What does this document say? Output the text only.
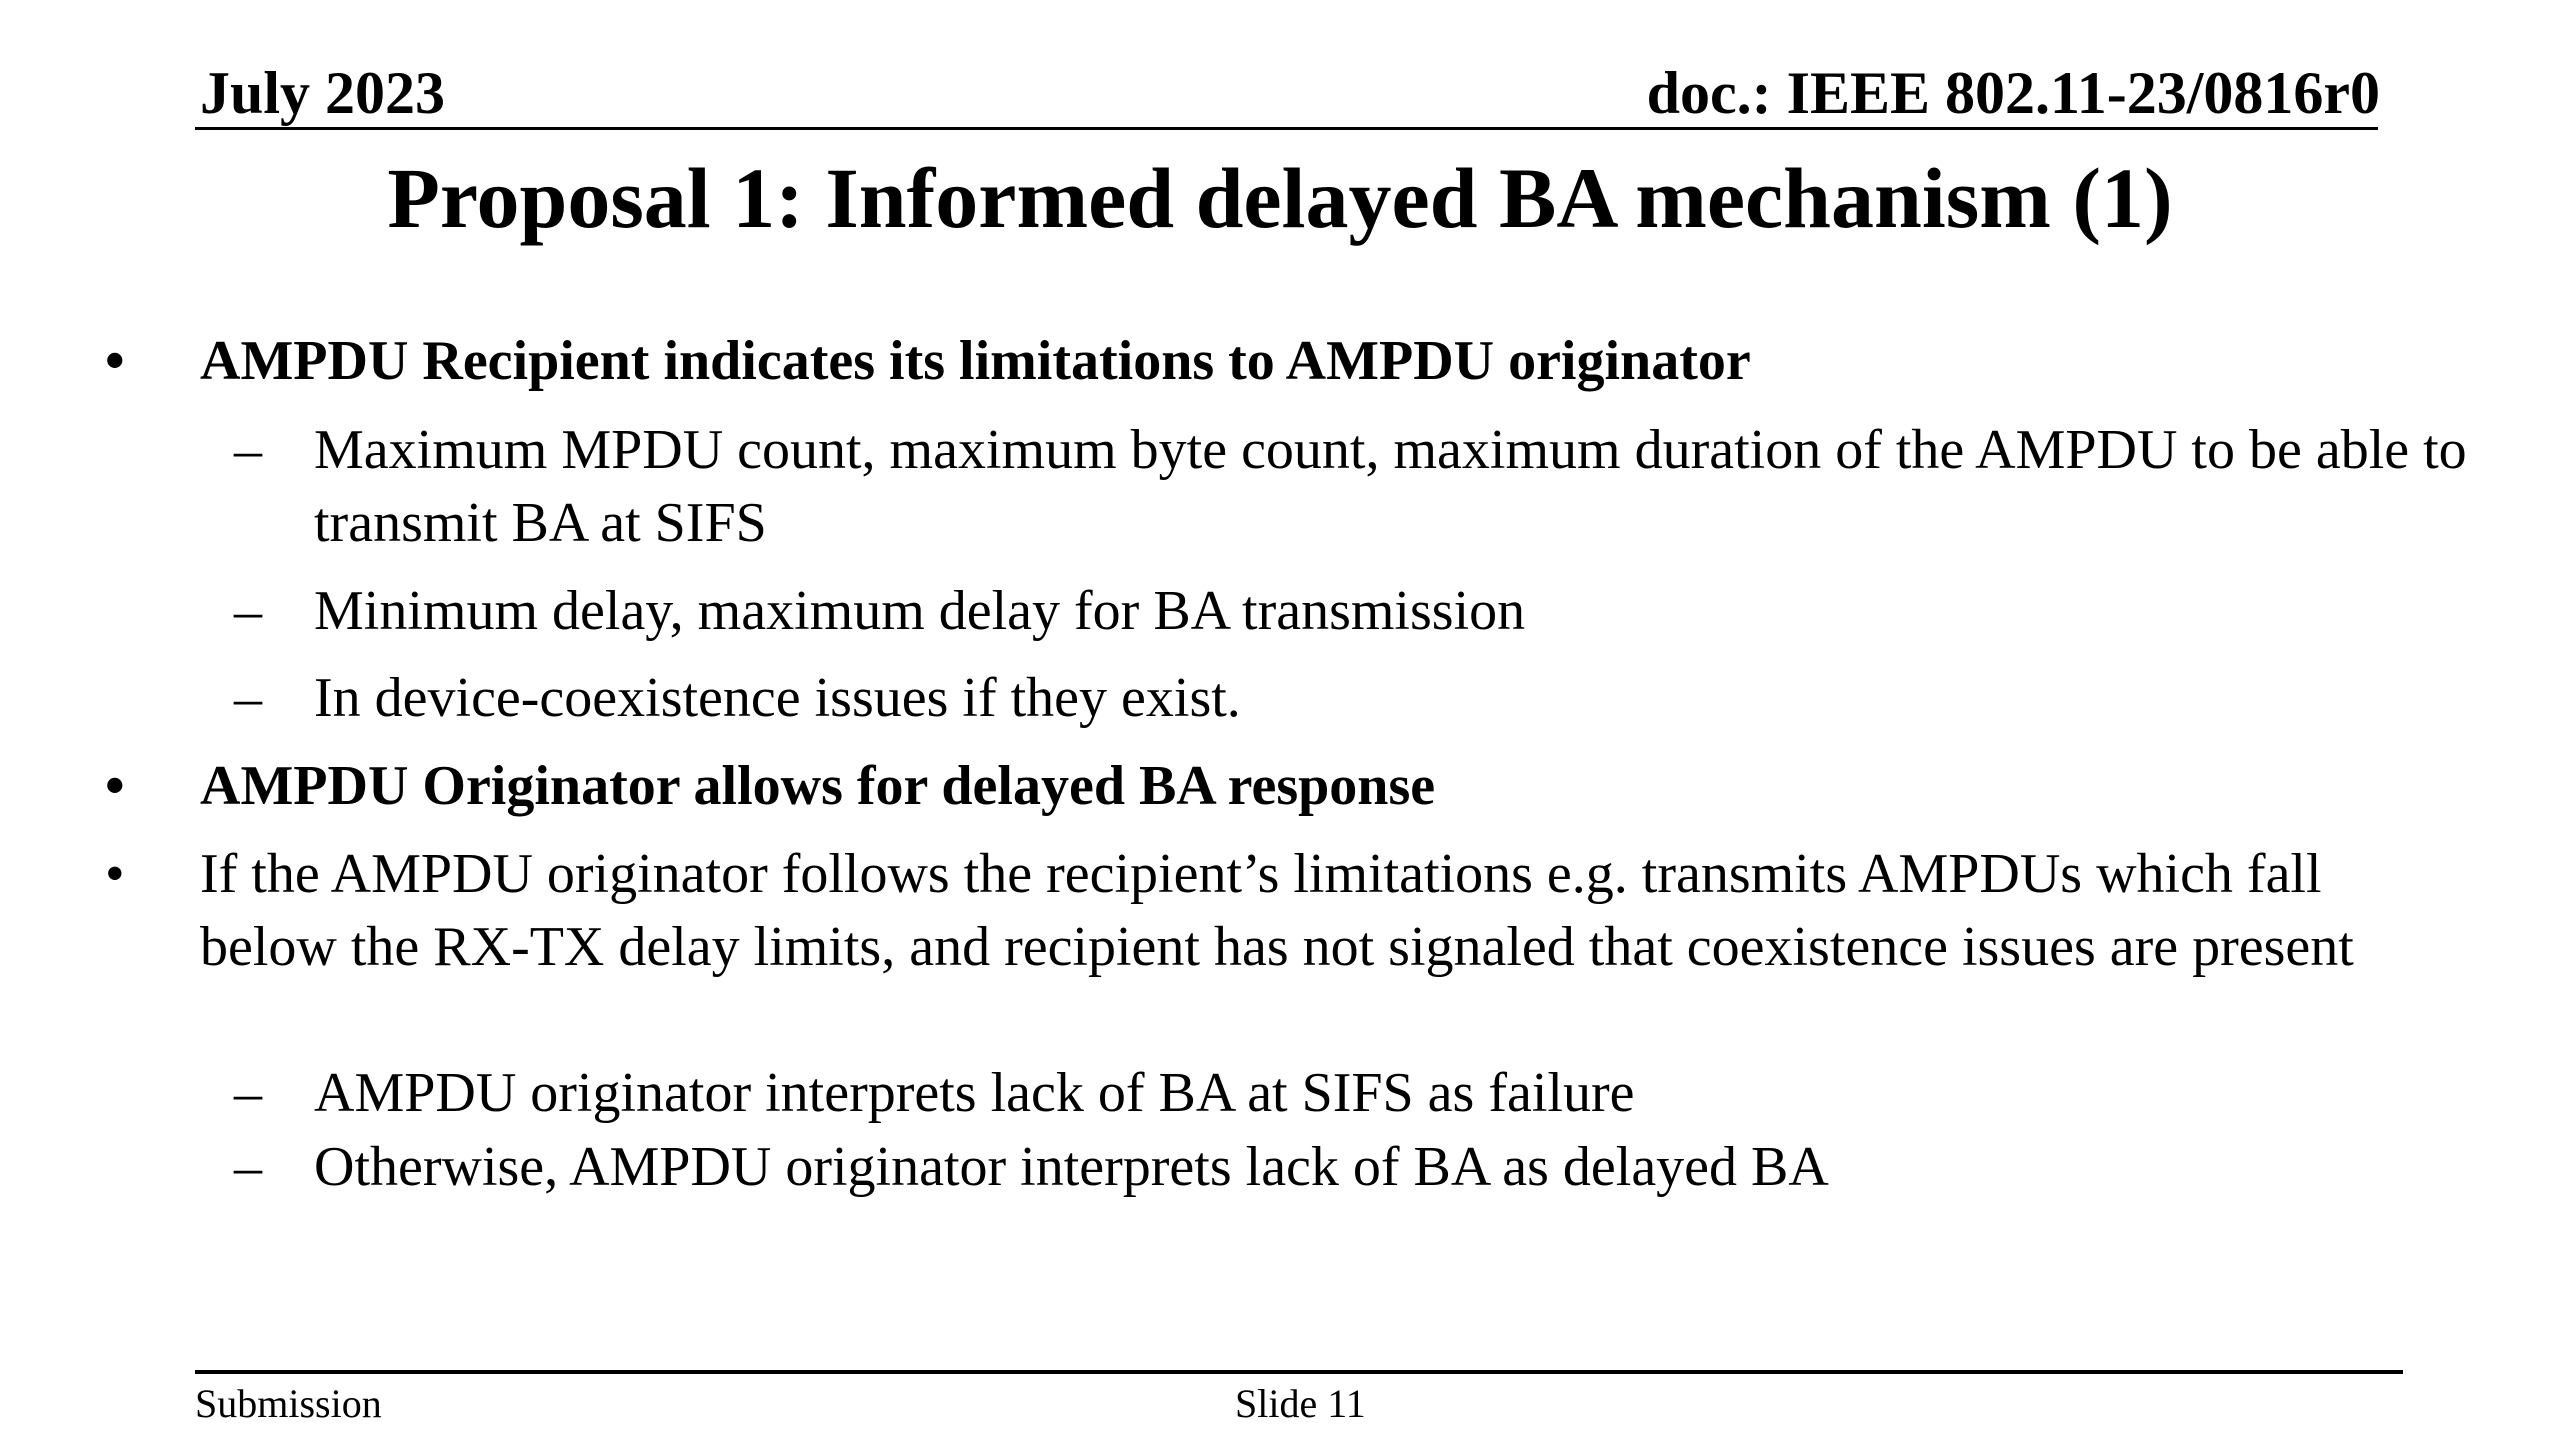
July 2023	doc.: IEEE 802.11-23/0816r0
Proposal 1: Informed delayed BA mechanism (1)
• AMPDU Recipient indicates its limitations to AMPDU originator
– Maximum MPDU count, maximum byte count, maximum duration of the AMPDU to be able to transmit BA at SIFS
– Minimum delay, maximum delay for BA transmission
– In device-coexistence issues if they exist.
• AMPDU Originator allows for delayed BA response
• If the AMPDU originator follows the recipient’s limitations e.g. transmits AMPDUs which fall below the RX-TX delay limits, and recipient has not signaled that coexistence issues are present
– AMPDU originator interprets lack of BA at SIFS as failure
– Otherwise, AMPDU originator interprets lack of BA as delayed BA
Submission	Slide 11
